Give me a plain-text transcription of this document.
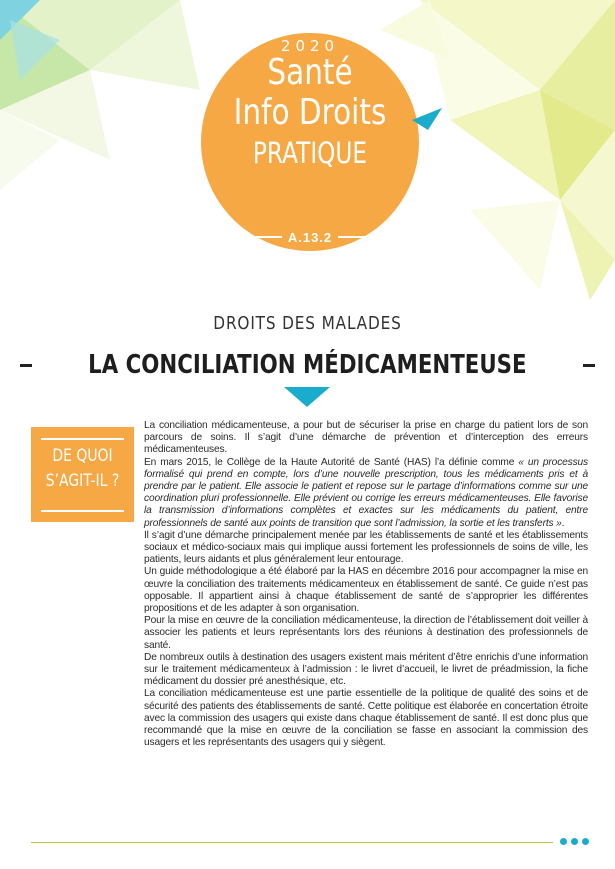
2020
Santé
Info Droits
PRATIQUE
A.13.2
DROITS DES MALADES
LA CONCILIATION MÉDICAMENTEUSE
DE QUOI
S’AGIT-IL ?

La conciliation médicamenteuse, a pour but de sécuriser la prise en charge du patient lors de son parcours de soins. Il s’agit d’une démarche de prévention et d’interception des erreurs médicamenteuses.

En mars 2015, le Collège de la Haute Autorité de Santé (HAS) l’a définie comme « un processus formalisé qui prend en compte, lors d’une nouvelle prescription, tous les médicaments pris et à prendre par le patient. Elle associe le patient et repose sur le partage d’informations comme sur une coordination pluri professionnelle. Elle prévient ou corrige les erreurs médicamenteuses. Elle favorise la transmission d’informations complètes et exactes sur les médicaments du patient, entre professionnels de santé aux points de transition que sont l’admission, la sortie et les transferts ».

Il s’agit d’une démarche principalement menée par les établissements de santé et les établissements sociaux et médico-sociaux mais qui implique aussi fortement les professionnels de soins de ville, les patients, leurs aidants et plus généralement leur entourage.

Un guide méthodologique a été élaboré par la HAS en décembre 2016 pour accompagner la mise en œuvre la conciliation des traitements médicamenteux en établissement de santé. Ce guide n’est pas opposable. Il appartient ainsi à chaque établissement de santé de s’approprier les différentes propositions et de les adapter à son organisation.

Pour la mise en œuvre de la conciliation médicamenteuse, la direction de l’établissement doit veiller à associer les patients et leurs représentants lors des réunions à destination des professionnels de santé.

De nombreux outils à destination des usagers existent mais méritent d’être enrichis d’une information sur le traitement médicamenteux à l’admission : le livret d’accueil, le livret de préadmission, la fiche médicament du dossier pré anesthésique, etc.

La conciliation médicamenteuse est une partie essentielle de la politique de qualité des soins et de sécurité des patients des établissements de santé. Cette politique est élaborée en concertation étroite avec la commission des usagers qui existe dans chaque établissement de santé. Il est donc plus que recommandé que la mise en œuvre de la conciliation se fasse en associant la commission des usagers et les représentants des usagers qui y siègent.
